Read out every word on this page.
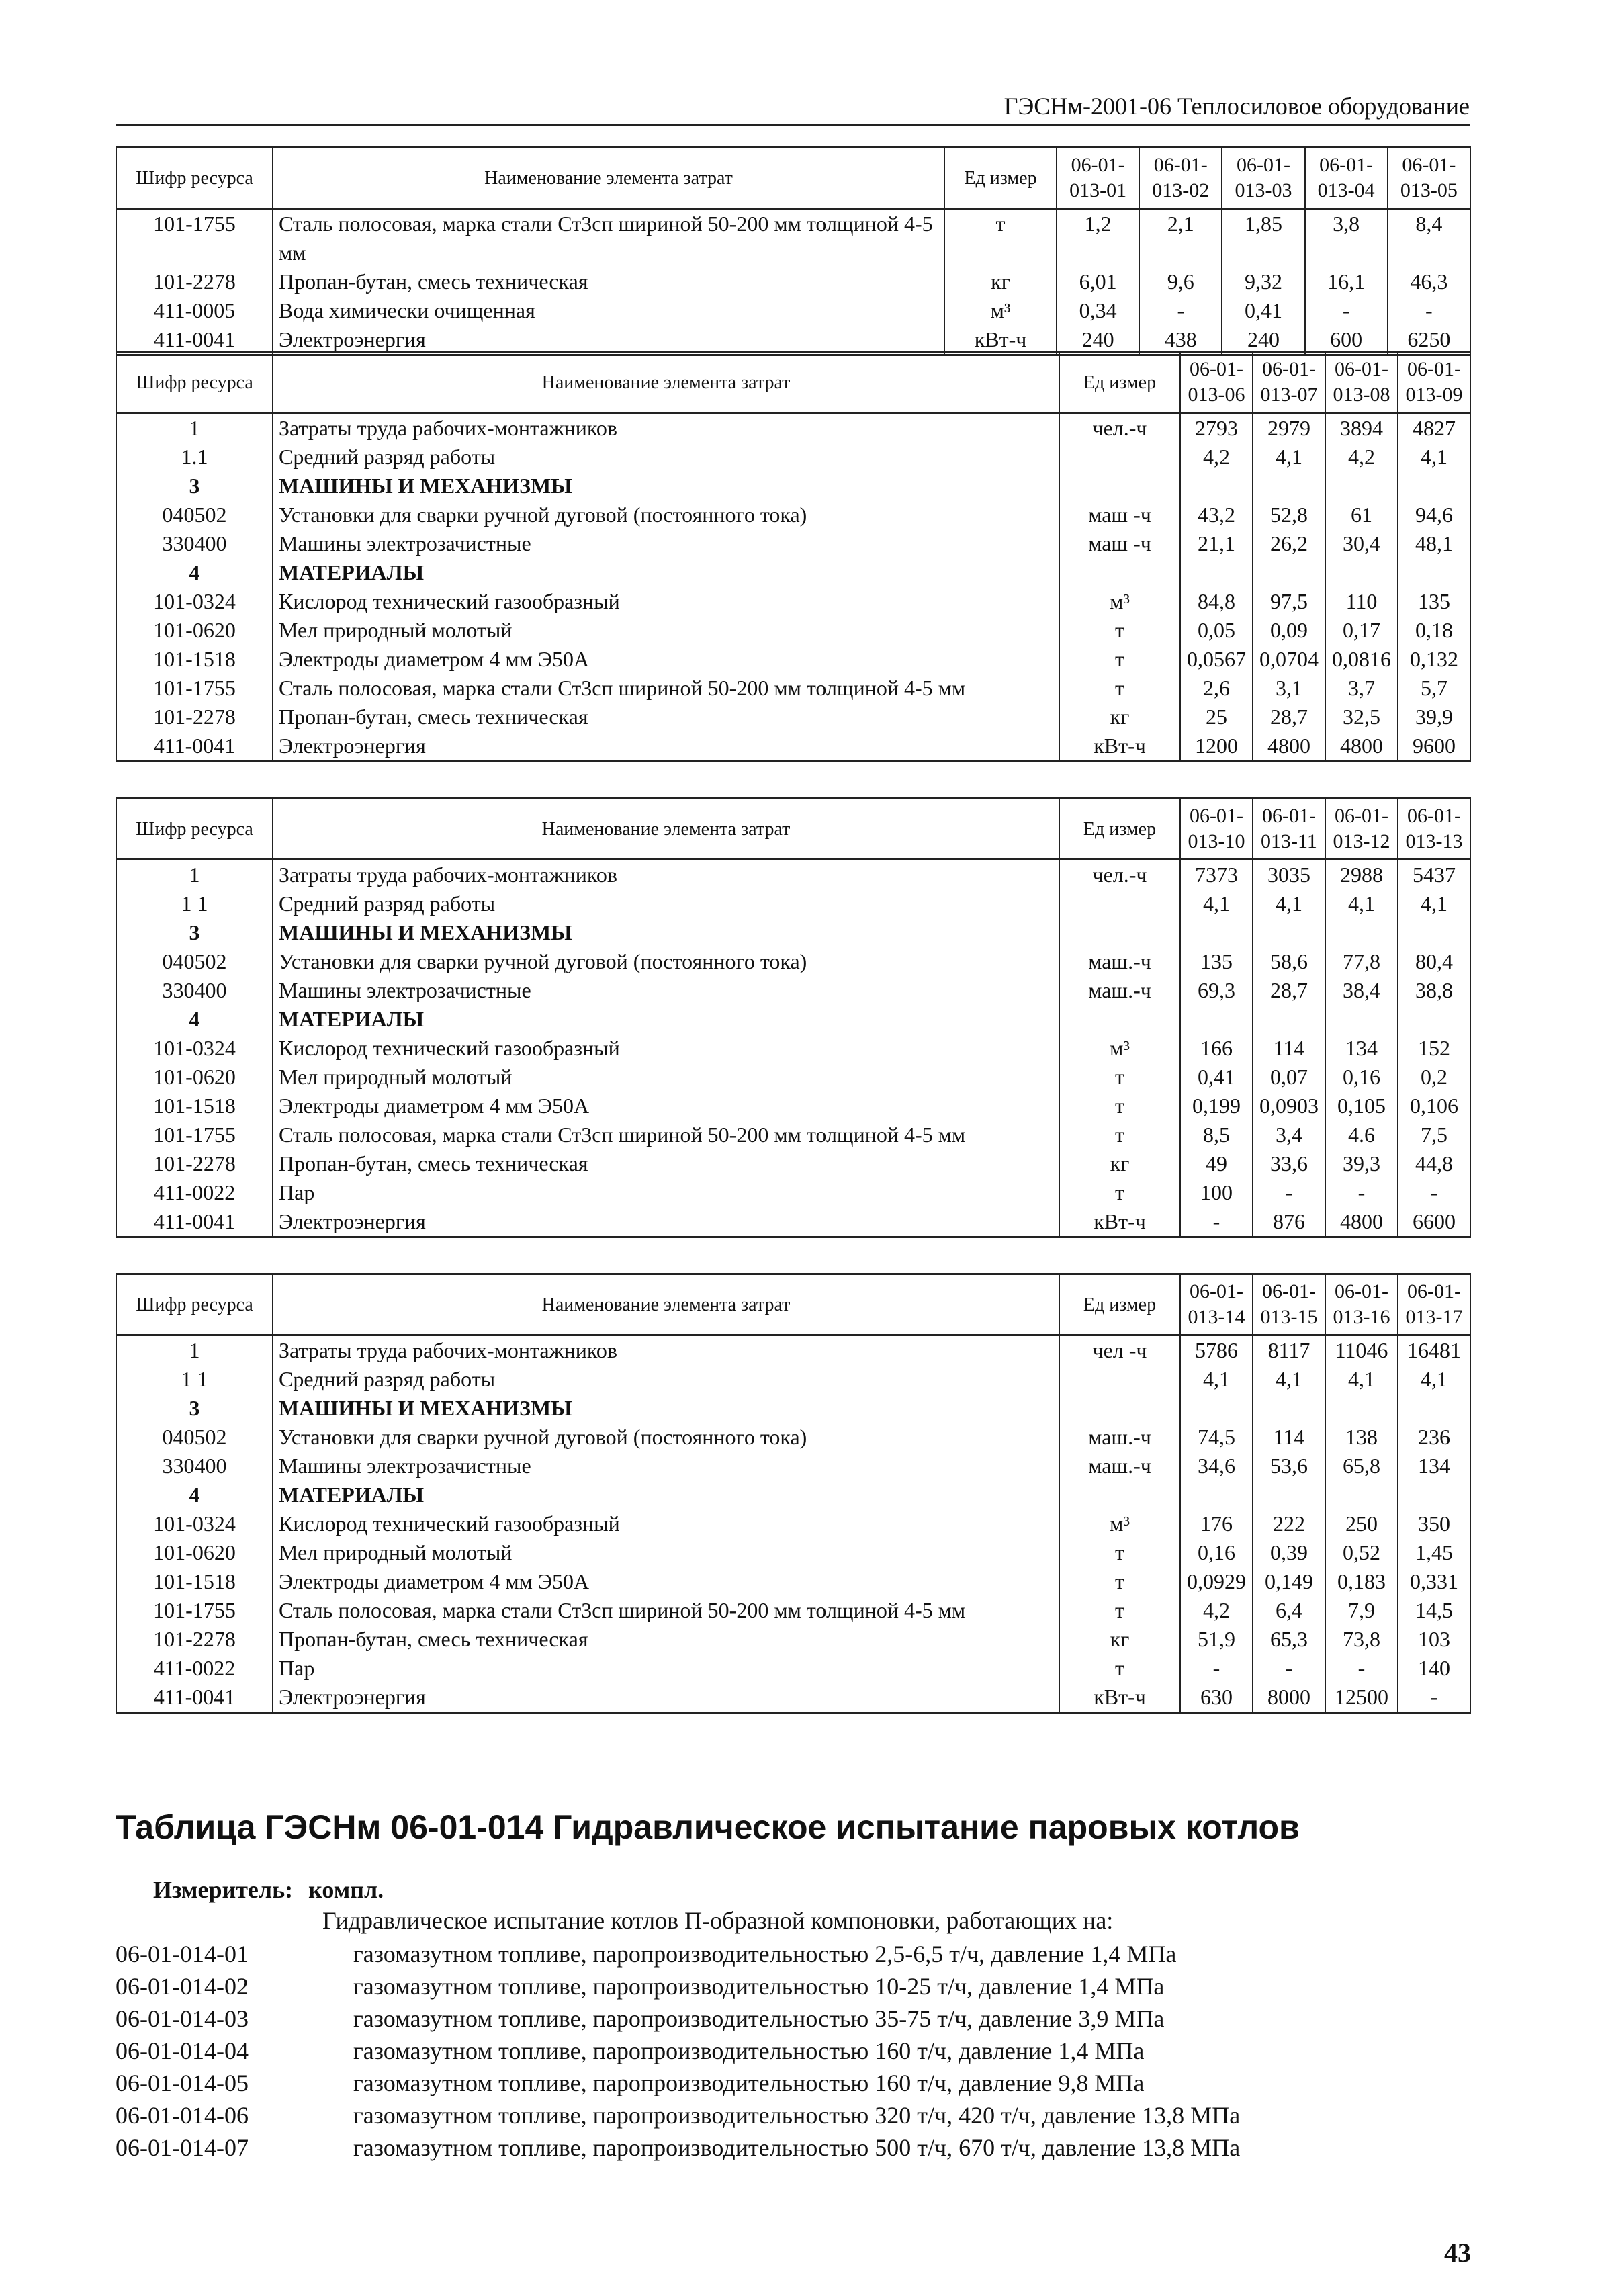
ГЭСНм-2001-06 Теплосиловое оборудование
Шифр ресурса	Наименование элемента затрат	Ед измер	06-01-013-01	06-01-013-02	06-01-013-03	06-01-013-04	06-01-013-05
101-1755	Сталь полосовая, марка стали Ст3сп шириной 50-200 мм толщиной 4-5 мм	т	1,2	2,1	1,85	3,8	8,4
101-2278	Пропан-бутан, смесь техническая	кг	6,01	9,6	9,32	16,1	46,3
411-0005	Вода химически очищенная	м³	0,34	-	0,41	-	-
411-0041	Электроэнергия	кВт-ч	240	438	240	600	6250
Шифр ресурса	Наименование элемента затрат	Ед измер	06-01-013-06	06-01-013-07	06-01-013-08	06-01-013-09
1	Затраты труда рабочих-монтажников	чел.-ч	2793	2979	3894	4827
1.1	Средний разряд работы		4,2	4,1	4,2	4,1
3	МАШИНЫ И МЕХАНИЗМЫ					
040502	Установки для сварки ручной дуговой (постоянного тока)	маш -ч	43,2	52,8	61	94,6
330400	Машины электрозачистные	маш -ч	21,1	26,2	30,4	48,1
4	МАТЕРИАЛЫ					
101-0324	Кислород технический газообразный	м³	84,8	97,5	110	135
101-0620	Мел природный молотый	т	0,05	0,09	0,17	0,18
101-1518	Электроды диаметром 4 мм Э50А	т	0,0567	0,0704	0,0816	0,132
101-1755	Сталь полосовая, марка стали Ст3сп шириной 50-200 мм толщиной 4-5 мм	т	2,6	3,1	3,7	5,7
101-2278	Пропан-бутан, смесь техническая	кг	25	28,7	32,5	39,9
411-0041	Электроэнергия	кВт-ч	1200	4800	4800	9600
Шифр ресурса	Наименование элемента затрат	Ед измер	06-01-013-10	06-01-013-11	06-01-013-12	06-01-013-13
1	Затраты труда рабочих-монтажников	чел.-ч	7373	3035	2988	5437
1 1	Средний разряд работы		4,1	4,1	4,1	4,1
3	МАШИНЫ И МЕХАНИЗМЫ					
040502	Установки для сварки ручной дуговой (постоянного тока)	маш.-ч	135	58,6	77,8	80,4
330400	Машины электрозачистные	маш.-ч	69,3	28,7	38,4	38,8
4	МАТЕРИАЛЫ					
101-0324	Кислород технический газообразный	м³	166	114	134	152
101-0620	Мел природный молотый	т	0,41	0,07	0,16	0,2
101-1518	Электроды диаметром 4 мм Э50А	т	0,199	0,0903	0,105	0,106
101-1755	Сталь полосовая, марка стали Ст3сп шириной 50-200 мм толщиной 4-5 мм	т	8,5	3,4	4.6	7,5
101-2278	Пропан-бутан, смесь техническая	кг	49	33,6	39,3	44,8
411-0022	Пар	т	100	-	-	-
411-0041	Электроэнергия	кВт-ч	-	876	4800	6600
Шифр ресурса	Наименование элемента затрат	Ед измер	06-01-013-14	06-01-013-15	06-01-013-16	06-01-013-17
1	Затраты труда рабочих-монтажников	чел -ч	5786	8117	11046	16481
1 1	Средний разряд работы		4,1	4,1	4,1	4,1
3	МАШИНЫ И МЕХАНИЗМЫ					
040502	Установки для сварки ручной дуговой (постоянного тока)	маш.-ч	74,5	114	138	236
330400	Машины электрозачистные	маш.-ч	34,6	53,6	65,8	134
4	МАТЕРИАЛЫ					
101-0324	Кислород технический газообразный	м³	176	222	250	350
101-0620	Мел природный молотый	т	0,16	0,39	0,52	1,45
101-1518	Электроды диаметром 4 мм Э50А	т	0,0929	0,149	0,183	0,331
101-1755	Сталь полосовая, марка стали Ст3сп шириной 50-200 мм толщиной 4-5 мм	т	4,2	6,4	7,9	14,5
101-2278	Пропан-бутан, смесь техническая	кг	51,9	65,3	73,8	103
411-0022	Пар	т	-	-	-	140
411-0041	Электроэнергия	кВт-ч	630	8000	12500	-
Таблица ГЭСНм 06-01-014 Гидравлическое испытание паровых котлов
Измеритель: компл.
Гидравлическое испытание котлов П-образной компоновки, работающих на:
06-01-014-01	газомазутном топливе, паропроизводительностью 2,5-6,5 т/ч, давление 1,4 МПа
06-01-014-02	газомазутном топливе, паропроизводительностью 10-25 т/ч, давление 1,4 МПа
06-01-014-03	газомазутном топливе, паропроизводительностью 35-75 т/ч, давление 3,9 МПа
06-01-014-04	газомазутном топливе, паропроизводительностью 160 т/ч, давление 1,4 МПа
06-01-014-05	газомазутном топливе, паропроизводительностью 160 т/ч, давление 9,8 МПа
06-01-014-06	газомазутном топливе, паропроизводительностью 320 т/ч, 420 т/ч, давление 13,8 МПа
06-01-014-07	газомазутном топливе, паропроизводительностью 500 т/ч, 670 т/ч, давление 13,8 МПа
43
